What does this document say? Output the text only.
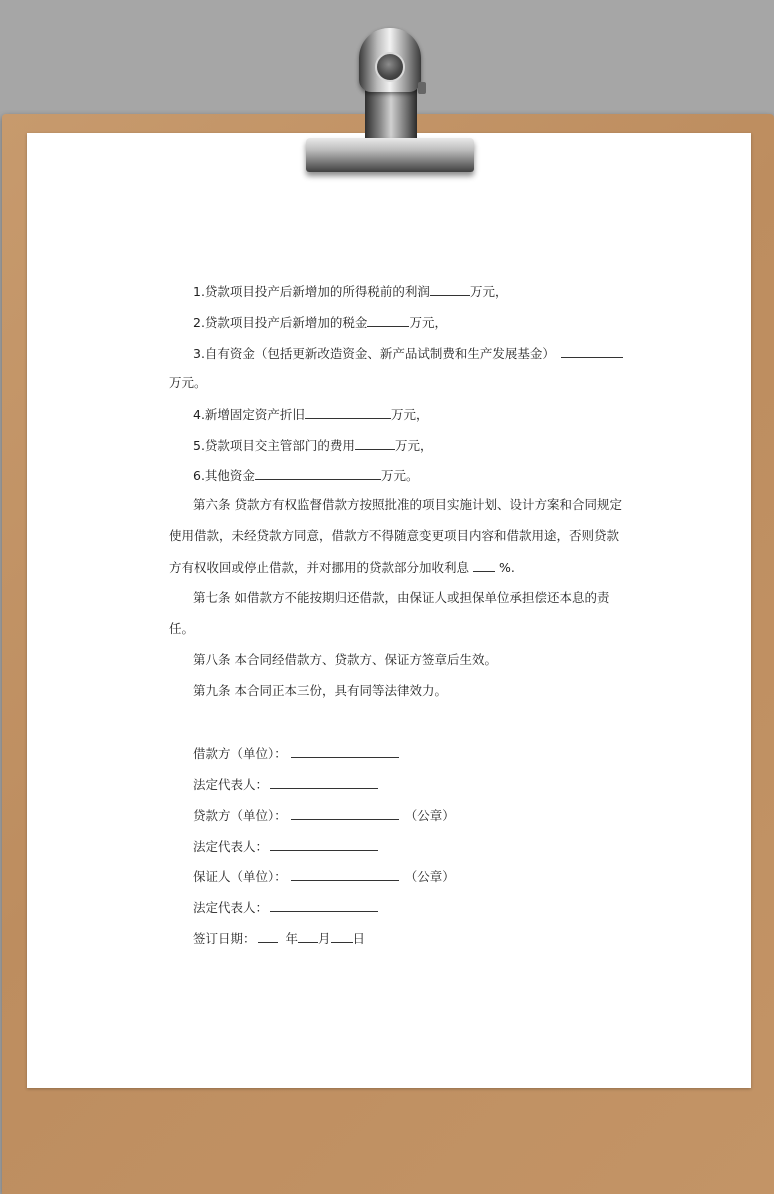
1.贷款项目投产后新增加的所得税前的利润	万元，
2.贷款项目投产后新增加的税金	万元，
3.自有资金（包括更新改造资金、新产品试制费和生产发展基金）
万元。
4.新增固定资产折旧	万元，
5.贷款项目交主管部门的费用	万元，
6.其他资金	万元。
第六条 贷款方有权监督借款方按照批准的项目实施计划、设计方案和合同规定
使用借款，未经贷款方同意，借款方不得随意变更项目内容和借款用途，否则贷款
方有权收回或停止借款，并对挪用的贷款部分加收利息 %.
第七条 如借款方不能按期归还借款，由保证人或担保单位承担偿还本息的责
任。
第八条 本合同经借款方、贷款方、保证方签章后生效。
第九条 本合同正本三份，具有同等法律效力。
借款方（单位）：
法定代表人：
贷款方（单位）：	（公章）
法定代表人：
保证人（单位）：	（公章）
法定代表人：
签订日期： 年 月 日
